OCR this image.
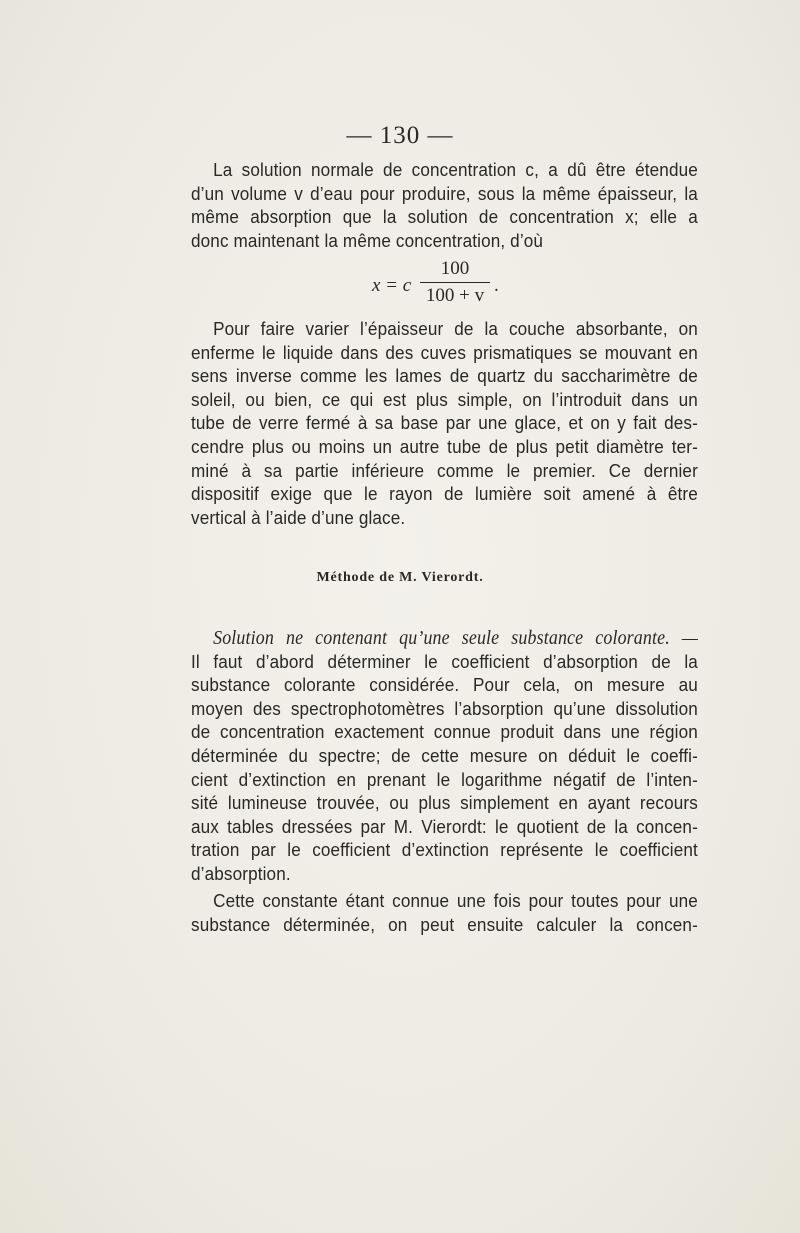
— 130 —
La solution normale de concentration c, a dû être étendue
d’un volume v d’eau pour produire, sous la même épaisseur, la
même absorption que la solution de concentration x; elle a
donc maintenant la même concentration, d’où
x = c
100
100 + v .
Pour faire varier l’épaisseur de la couche absorbante, on
enferme le liquide dans des cuves prismatiques se mouvant en
sens inverse comme les lames de quartz du saccharimètre de
soleil, ou bien, ce qui est plus simple, on l’introduit dans un
tube de verre fermé à sa base par une glace, et on y fait des-
cendre plus ou moins un autre tube de plus petit diamètre ter-
miné à sa partie inférieure comme le premier. Ce dernier
dispositif exige que le rayon de lumière soit amené à être
vertical à l’aide d’une glace.
Méthode de M. Vierordt.
Solution ne contenant qu’une seule substance colorante. —
Il faut d’abord déterminer le coefficient d’absorption de la
substance colorante considérée. Pour cela, on mesure au
moyen des spectrophotomètres l’absorption qu’une dissolution
de concentration exactement connue produit dans une région
déterminée du spectre; de cette mesure on déduit le coeffi-
cient d’extinction en prenant le logarithme négatif de l’inten-
sité lumineuse trouvée, ou plus simplement en ayant recours
aux tables dressées par M. Vierordt: le quotient de la concen-
tration par le coefficient d’extinction représente le coefficient
d’absorption.
Cette constante étant connue une fois pour toutes pour une
substance déterminée, on peut ensuite calculer la concen-
